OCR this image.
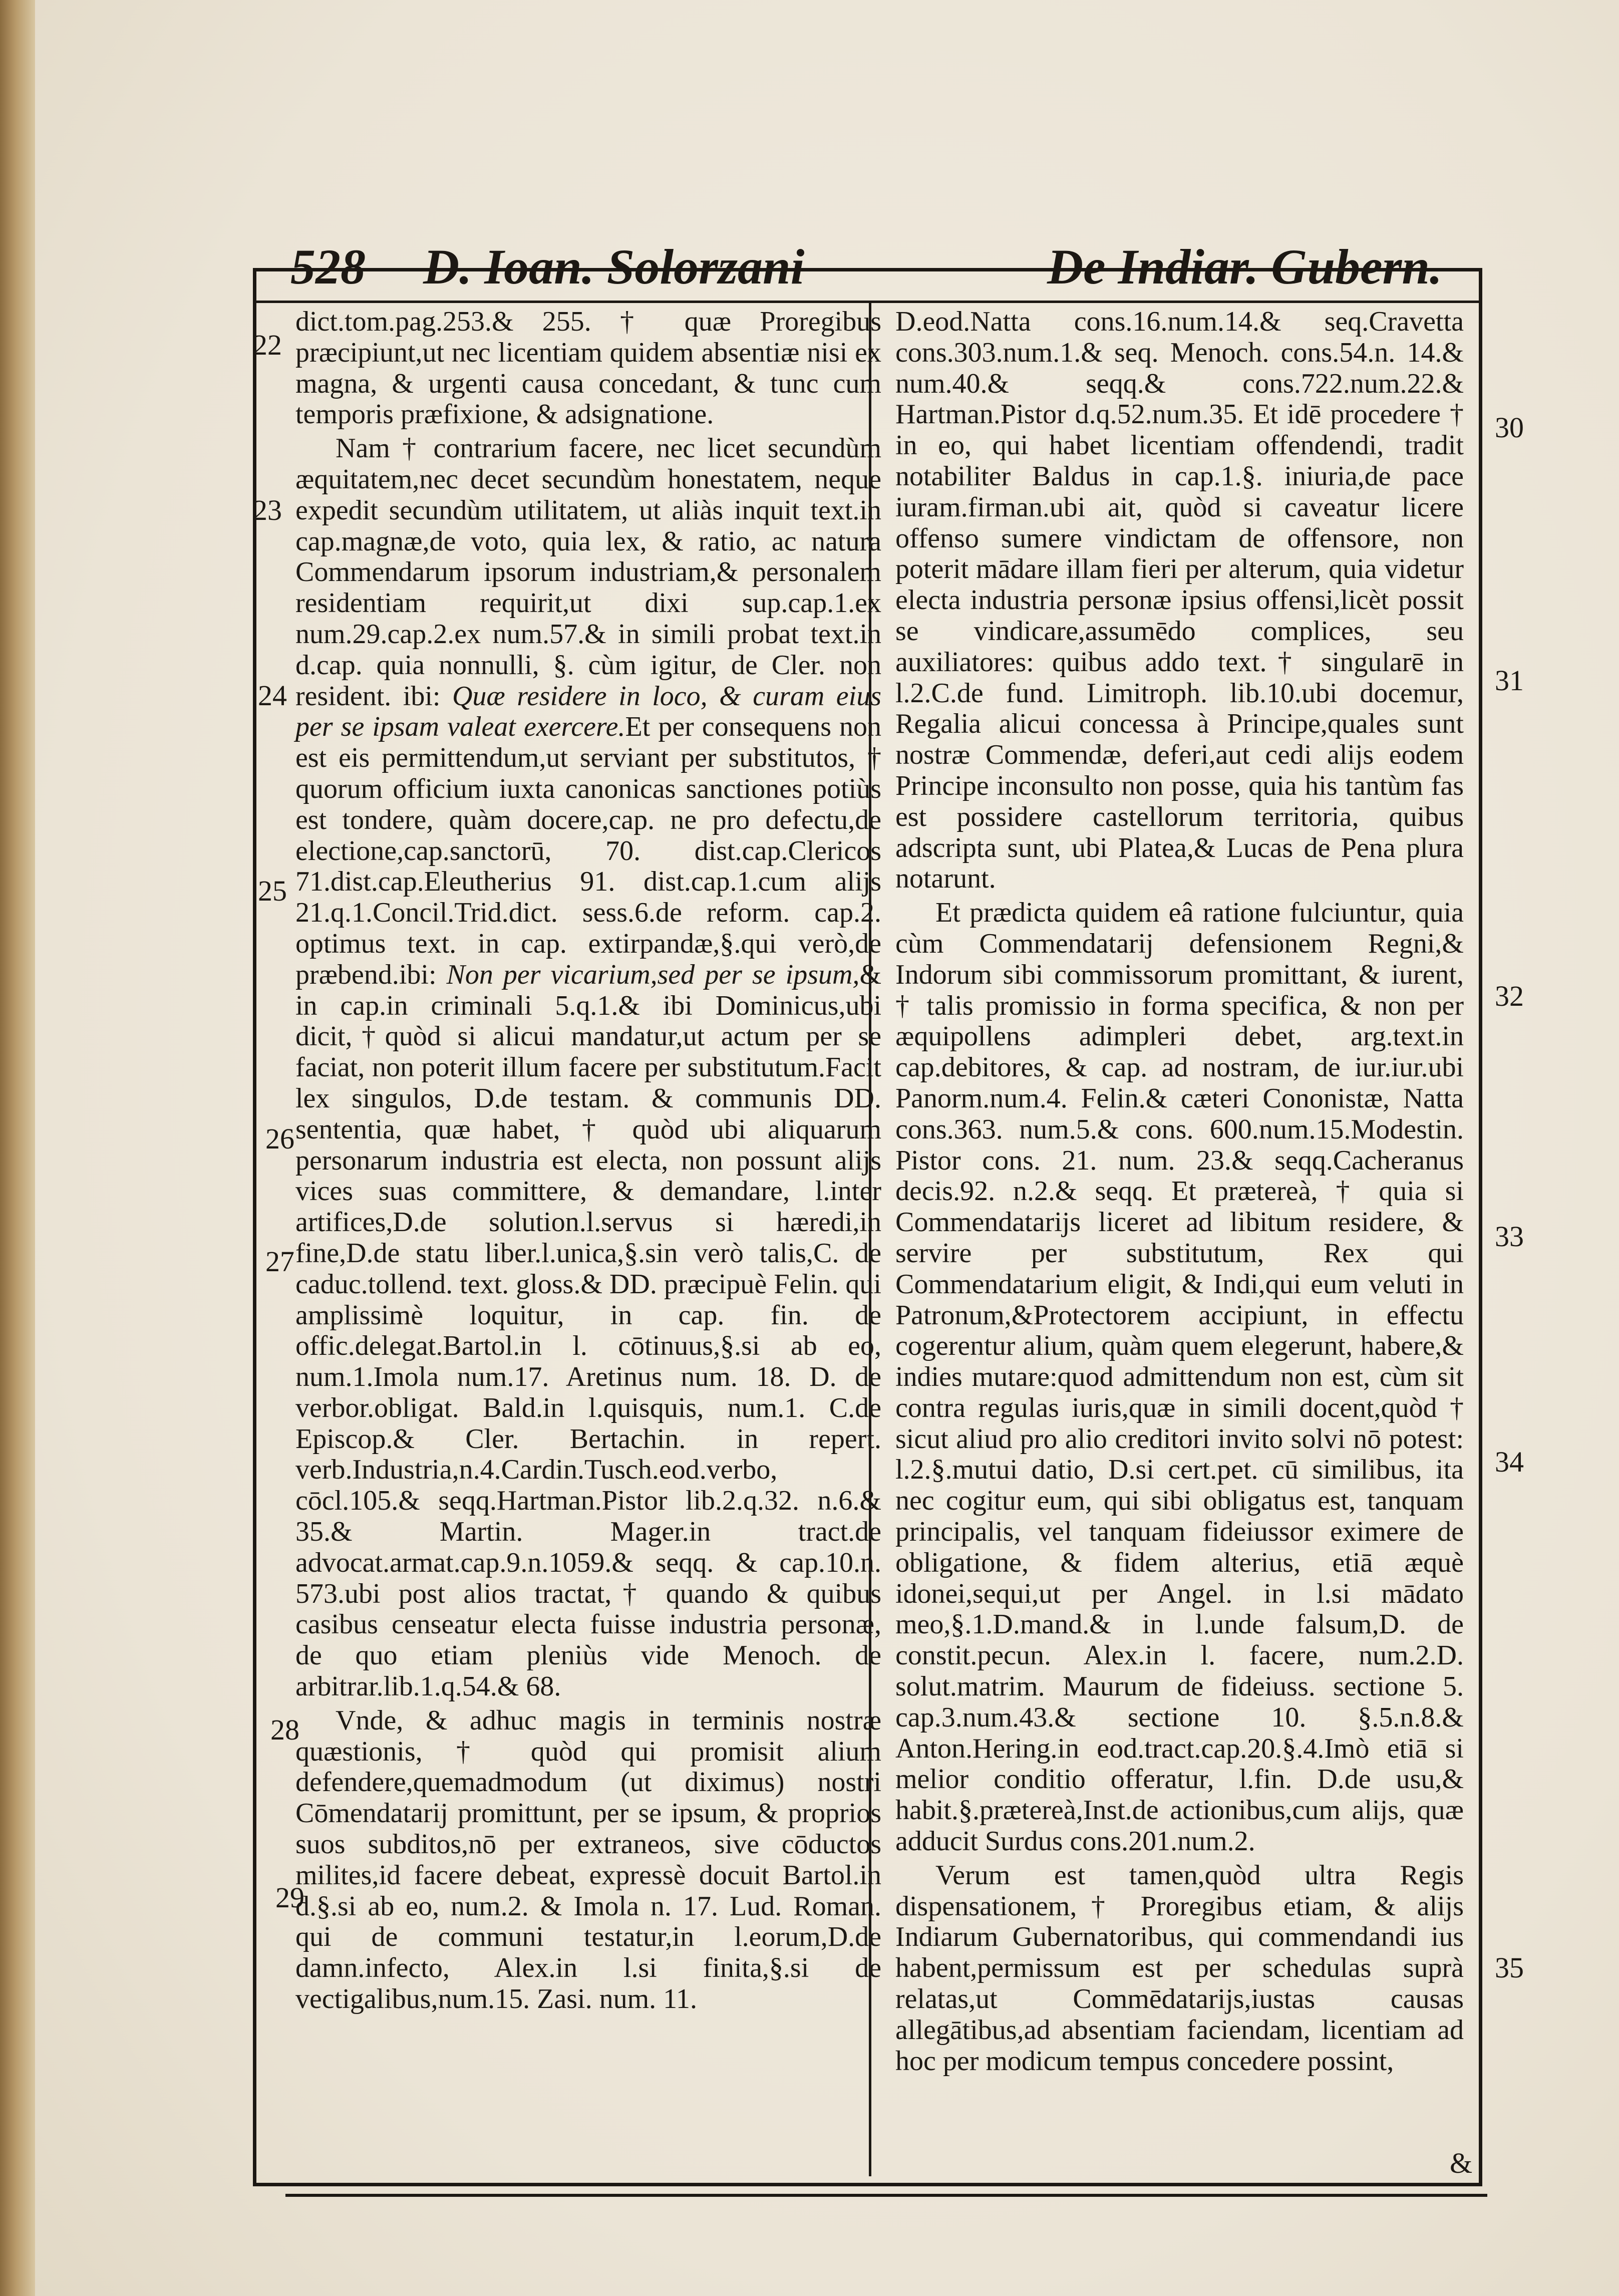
528 D. Ioan. Solorzani	De Indiar. Gubern.

dict.tom.pag.253.& 255. † quæ Proregibus præcipiunt,ut nec licentiam quidem absentiæ nisi ex magna, & urgenti causa concedant, & tunc cum temporis præfixione, & adsignatione.

Nam † contrarium facere, nec licet secundùm æquitatem,nec decet secundùm honestatem, neque expedit secundùm utilitatem, ut aliàs inquit text.in cap.magnæ,de voto, quia lex, & ratio, ac natura Commendarum ipsorum industriam,& personalem residentiam requirit,ut dixi sup.cap.1.ex num.29.cap.2.ex num.57.& in simili probat text.in d.cap. quia nonnulli, §. cùm igitur, de Cler. non resident. ibi: Quæ residere in loco, & curam eius per se ipsam valeat exercere.Et per consequens non est eis permittendum,ut serviant per substitutos, † quorum officium iuxta canonicas sanctiones potiùs est tondere, quàm docere,cap. ne pro defectu,de electione,cap.sanctorū, 70. dist.cap.Clericos 71.dist.cap.Eleutherius 91. dist.cap.1.cum alijs 21.q.1.Concil.Trid.dict. sess.6.de reform. cap.2. optimus text. in cap. extirpandæ,§.qui verò,de præbend.ibi: Non per vicarium,sed per se ipsum,& in cap.in criminali 5.q.1.& ibi Dominicus,ubi dicit,†quòd si alicui mandatur,ut actum per se faciat, non poterit illum facere per substitutum.Facit lex singulos, D.de testam. & communis DD. sententia, quæ habet, † quòd ubi aliquarum personarum industria est electa, non possunt alijs vices suas committere, & demandare, l.inter artifices,D.de solution.l.servus si hæredi,in fine,D.de statu liber.l.unica,§.sin verò talis,C. de caduc.tollend. text. gloss.& DD. præcipuè Felin. qui amplissimè loquitur, in cap. fin. de offic.delegat.Bartol.in l. cōtinuus,§.si ab eo, num.1.Imola num.17. Aretinus num. 18. D. de verbor.obligat. Bald.in l.quisquis, num.1. C.de Episcop.& Cler. Bertachin. in repert. verb.Industria,n.4.Cardin.Tusch.eod.verbo, cōcl.105.& seqq.Hartman.Pistor lib.2.q.32. n.6.& 35.& Martin. Mager.in tract.de advocat.armat.cap.9.n.1059.& seqq. & cap.10.n. 573.ubi post alios tractat,† quando & quibus casibus censeatur electa fuisse industria personæ, de quo etiam pleniùs vide Menoch. de arbitrar.lib.1.q.54.& 68.

Vnde, & adhuc magis in terminis nostræ quæstionis, † quòd qui promisit alium defendere,quemadmodum (ut diximus) nostri Cōmendatarij promittunt, per se ipsum, & proprios suos subditos,nō per extraneos, sive cōductos milites,id facere debeat, expressè docuit Bartol.in d.§.si ab eo, num.2. & Imola n. 17. Lud. Roman. qui de communi testatur,in l.eorum,D.de damn.infecto, Alex.in l.si finita,§.si de vectigalibus,num.15. Zasi. num. 11.

D.eod.Natta cons.16.num.14.& seq.Cravetta cons.303.num.1.& seq. Menoch. cons.54.n. 14.& num.40.& seqq.& cons.722.num.22.& Hartman.Pistor d.q.52.num.35. Et idē procedere † in eo, qui habet licentiam offendendi, tradit notabiliter Baldus in cap.1.§. iniuria,de pace iuram.firman.ubi ait, quòd si caveatur licere offenso sumere vindictam de offensore, non poterit mādare illam fieri per alterum, quia videtur electa industria personæ ipsius offensi,licèt possit se vindicare,assumēdo complices, seu auxiliatores: quibus addo text.† singularē in l.2.C.de fund. Limitroph. lib.10.ubi docemur, Regalia alicui concessa à Principe,quales sunt nostræ Commendæ, deferi,aut cedi alijs eodem Principe inconsulto non posse, quia his tantùm fas est possidere castellorum territoria, quibus adscripta sunt, ubi Platea,& Lucas de Pena plura notarunt.

Et prædicta quidem eâ ratione fulciuntur, quia cùm Commendatarij defensionem Regni,& Indorum sibi commissorum promittant, & iurent, † talis promissio in forma specifica, & non per æquipollens adimpleri debet, arg.text.in cap.debitores, & cap. ad nostram, de iur.iur.ubi Panorm.num.4. Felin.& cæteri Cononistæ, Natta cons.363. num.5.& cons. 600.num.15.Modestin. Pistor cons. 21. num. 23.& seqq.Cacheranus decis.92. n.2.& seqq. Et prætereà, † quia si Commendatarijs liceret ad libitum residere, & servire per substitutum, Rex qui Commendatarium eligit, & Indi,qui eum veluti in Patronum,&Protectorem accipiunt, in effectu cogerentur alium, quàm quem elegerunt, habere,& indies mutare:quod admittendum non est, cùm sit contra regulas iuris,quæ in simili docent,quòd † sicut aliud pro alio creditori invito solvi nō potest: l.2.§.mutui datio, D.si cert.pet. cū similibus, ita nec cogitur eum, qui sibi obligatus est, tanquam principalis, vel tanquam fideiussor eximere de obligatione, & fidem alterius, etiā æquè idonei,sequi,ut per Angel. in l.si mādato meo,§.1.D.mand.& in l.unde falsum,D. de constit.pecun. Alex.in l. facere, num.2.D. solut.matrim. Maurum de fideiuss. sectione 5. cap.3.num.43.& sectione 10. §.5.n.8.& Anton.Hering.in eod.tract.cap.20.§.4.Imò etiā si melior conditio offeratur, l.fin. D.de usu,& habit.§.prætereà,Inst.de actionibus,cum alijs, quæ adducit Surdus cons.201.num.2.

Verum est tamen,quòd ultra Regis dispensationem,† Proregibus etiam, & alijs Indiarum Gubernatoribus, qui commendandi ius habent,permissum est per schedulas suprà relatas,ut Commēdatarijs,iustas causas allegātibus,ad absentiam faciendam, licentiam ad hoc per modicum tempus concedere possint,

22
23
24
25
26
27
28
29
30
31
32
33
34
35
&
